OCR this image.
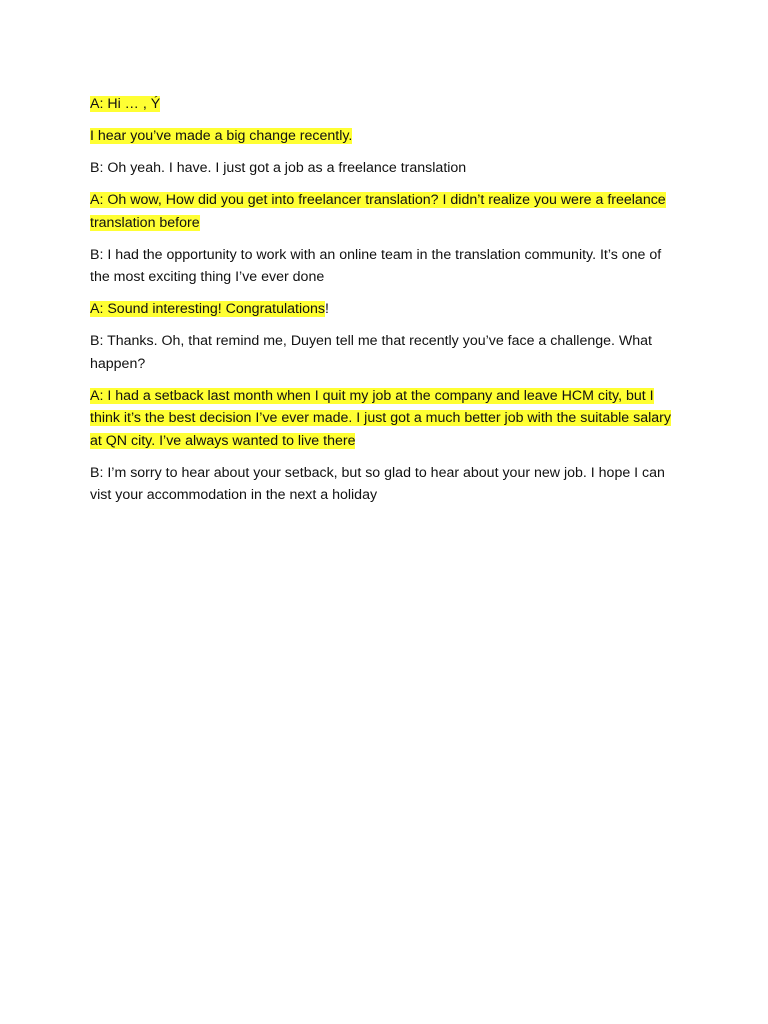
A: Hi … , Ý

I hear you’ve made a big change recently.

B: Oh yeah. I have. I just got a job as a freelance translation

A: Oh wow, How did you get into freelancer translation? I didn’t realize you were a freelance translation before

B: I had the opportunity to work with an online team in the translation community. It’s one of the most exciting thing I’ve ever done

A: Sound interesting! Congratulations!

B: Thanks. Oh, that remind me, Duyen tell me that recently you’ve face a challenge. What happen?

A: I had a setback last month when I quit my job at the company and leave HCM city, but I think it’s the best decision I’ve ever made. I just got a much better job with the suitable salary at QN city. I’ve always wanted to live there

B: I’m sorry to hear about your setback, but so glad to hear about your new job. I hope I can vist your accommodation in the next a holiday
